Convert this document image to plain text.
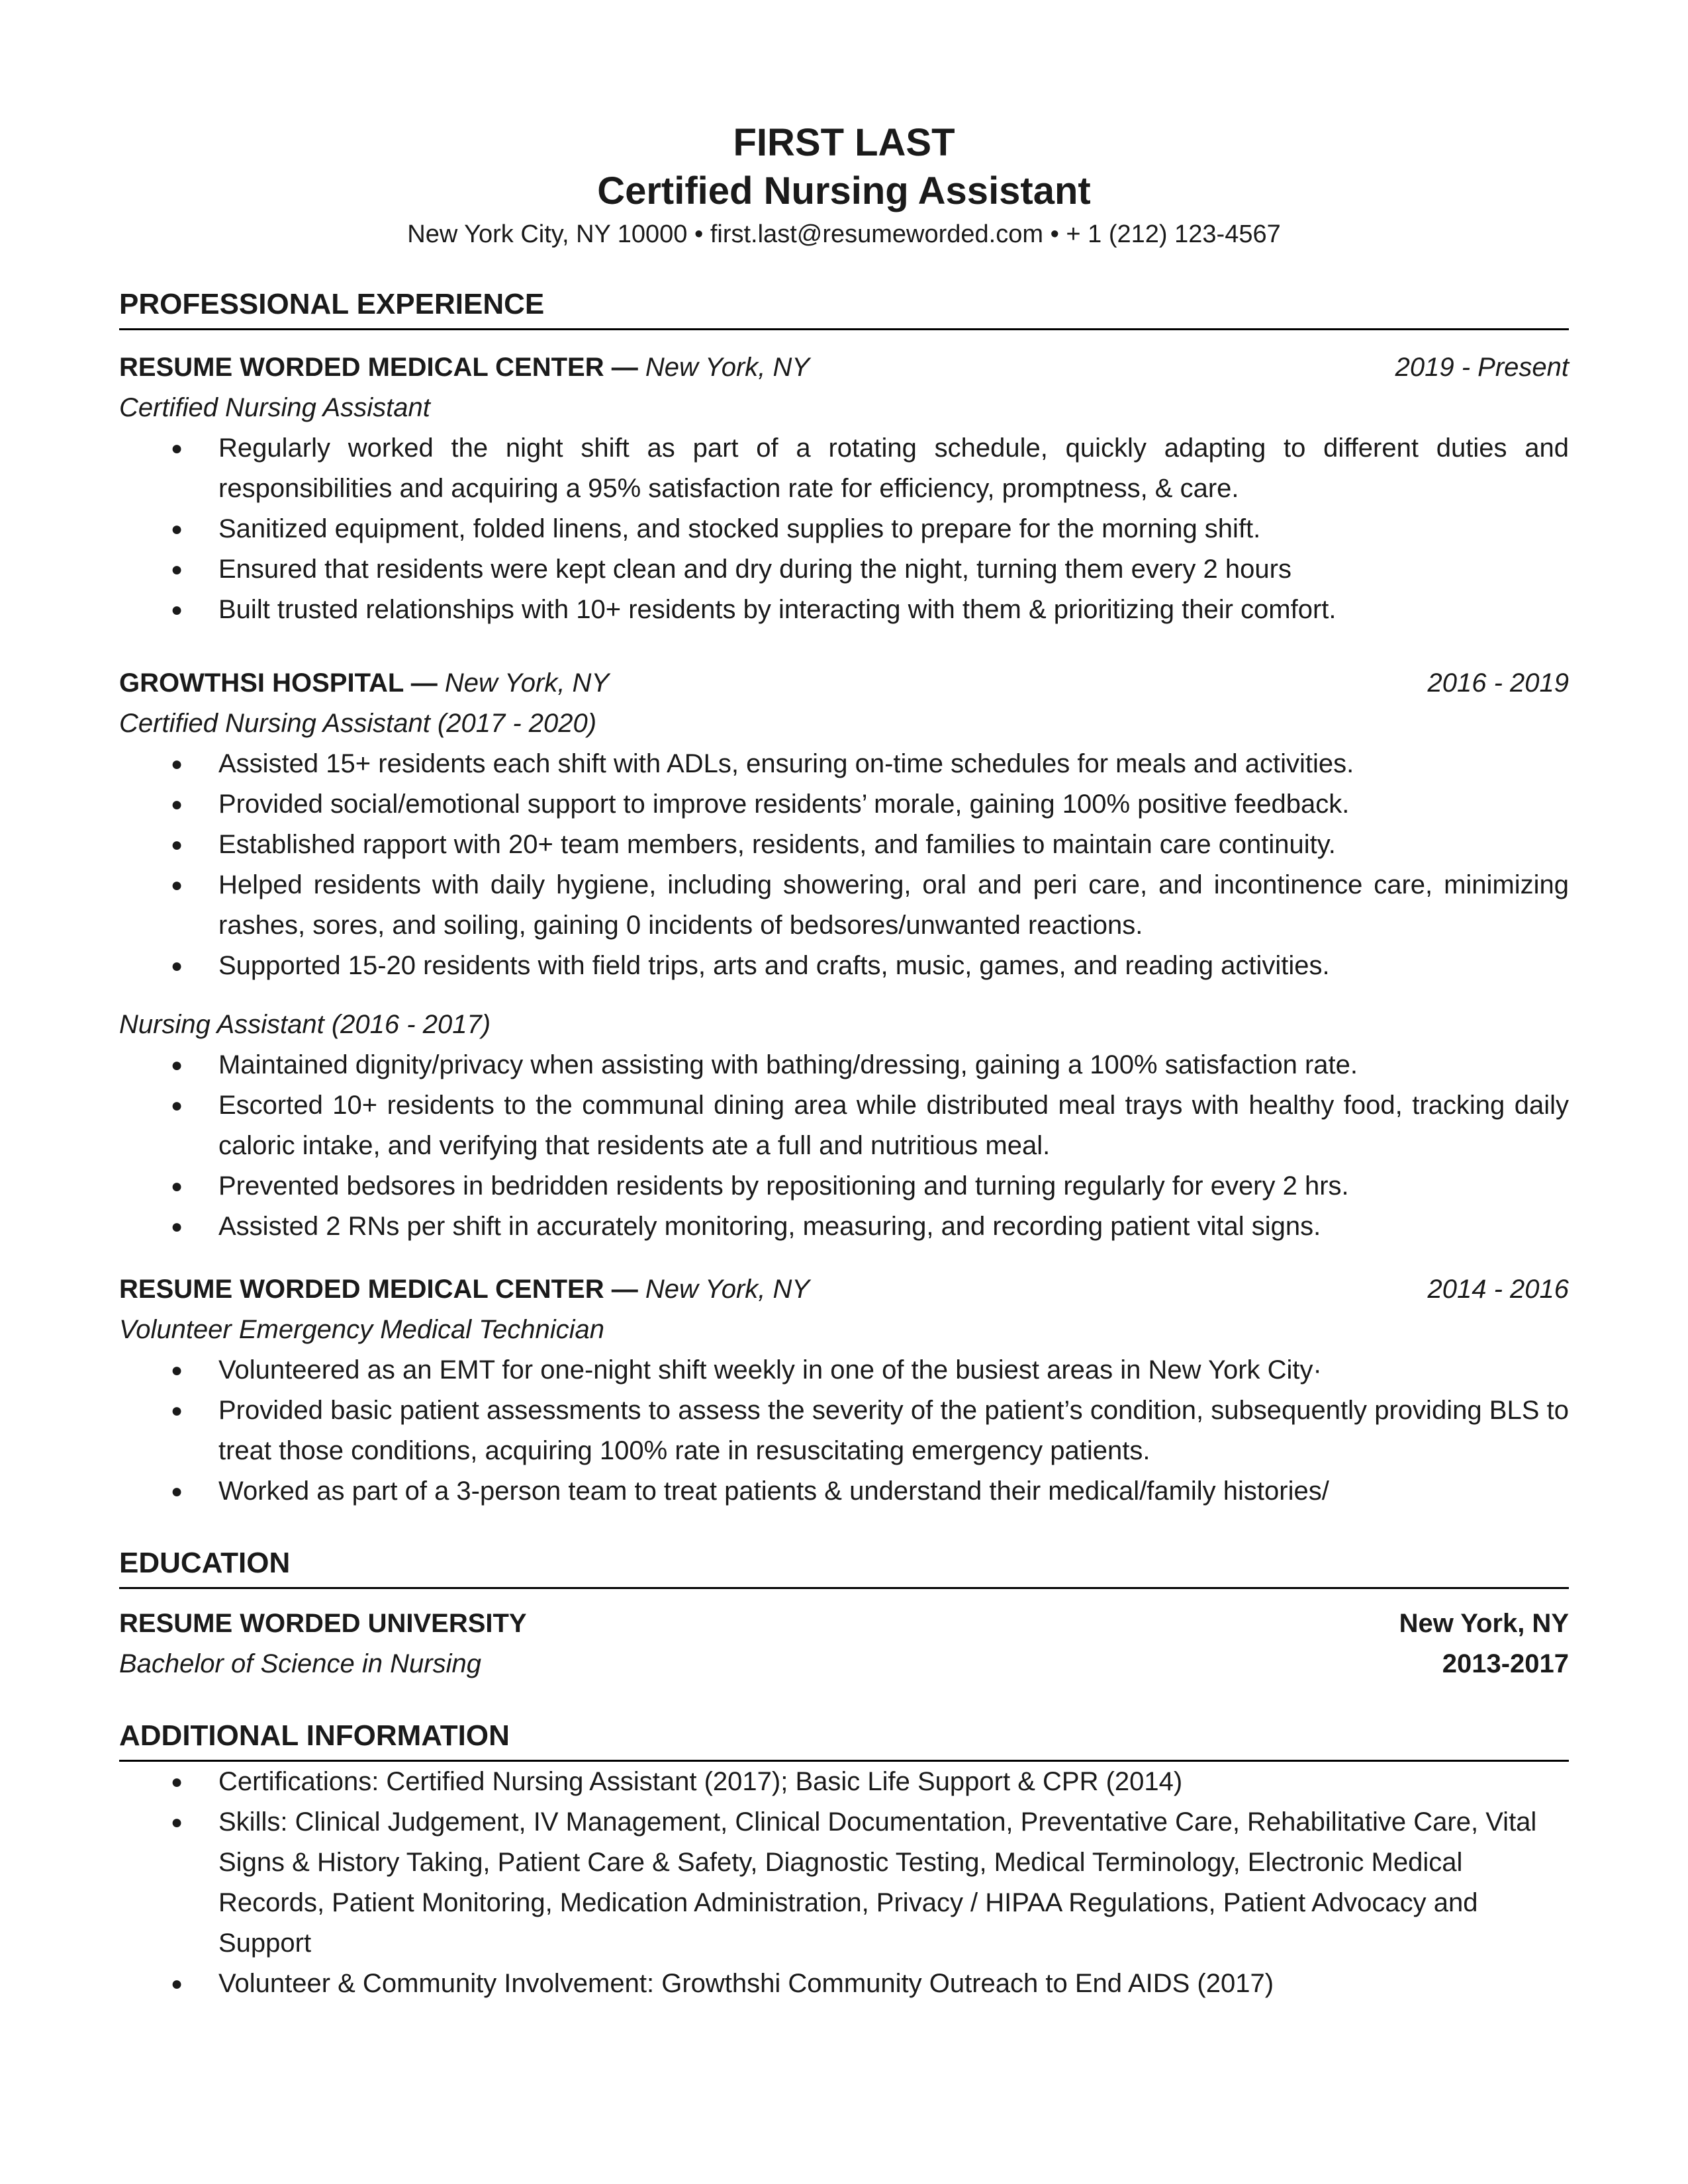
FIRST LAST
Certified Nursing Assistant
New York City, NY 10000 • first.last@resumeworded.com • + 1 (212) 123-4567
PROFESSIONAL EXPERIENCE
RESUME WORDED MEDICAL CENTER — New York, NY	2019 - Present
Certified Nursing Assistant
● Regularly worked the night shift as part of a rotating schedule, quickly adapting to different duties and responsibilities and acquiring a 95% satisfaction rate for efficiency, promptness, & care.
● Sanitized equipment, folded linens, and stocked supplies to prepare for the morning shift.
● Ensured that residents were kept clean and dry during the night, turning them every 2 hours
● Built trusted relationships with 10+ residents by interacting with them & prioritizing their comfort.
GROWTHSI HOSPITAL — New York, NY	2016 - 2019
Certified Nursing Assistant (2017 - 2020)
● Assisted 15+ residents each shift with ADLs, ensuring on-time schedules for meals and activities.
● Provided social/emotional support to improve residents’ morale, gaining 100% positive feedback.
● Established rapport with 20+ team members, residents, and families to maintain care continuity.
● Helped residents with daily hygiene, including showering, oral and peri care, and incontinence care, minimizing rashes, sores, and soiling, gaining 0 incidents of bedsores/unwanted reactions.
● Supported 15-20 residents with field trips, arts and crafts, music, games, and reading activities.
Nursing Assistant (2016 - 2017)
● Maintained dignity/privacy when assisting with bathing/dressing, gaining a 100% satisfaction rate.
● Escorted 10+ residents to the communal dining area while distributed meal trays with healthy food, tracking daily caloric intake, and verifying that residents ate a full and nutritious meal.
● Prevented bedsores in bedridden residents by repositioning and turning regularly for every 2 hrs.
● Assisted 2 RNs per shift in accurately monitoring, measuring, and recording patient vital signs.
RESUME WORDED MEDICAL CENTER — New York, NY	2014 - 2016
Volunteer Emergency Medical Technician
● Volunteered as an EMT for one-night shift weekly in one of the busiest areas in New York City·
● Provided basic patient assessments to assess the severity of the patient’s condition, subsequently providing BLS to treat those conditions, acquiring 100% rate in resuscitating emergency patients.
● Worked as part of a 3-person team to treat patients & understand their medical/family histories/
EDUCATION
RESUME WORDED UNIVERSITY	New York, NY
Bachelor of Science in Nursing	2013-2017
ADDITIONAL INFORMATION
● Certifications: Certified Nursing Assistant (2017); Basic Life Support & CPR (2014)
● Skills: Clinical Judgement, IV Management, Clinical Documentation, Preventative Care, Rehabilitative Care, Vital Signs & History Taking, Patient Care & Safety, Diagnostic Testing, Medical Terminology, Electronic Medical Records, Patient Monitoring, Medication Administration, Privacy / HIPAA Regulations, Patient Advocacy and Support
● Volunteer & Community Involvement: Growthshi Community Outreach to End AIDS (2017)
